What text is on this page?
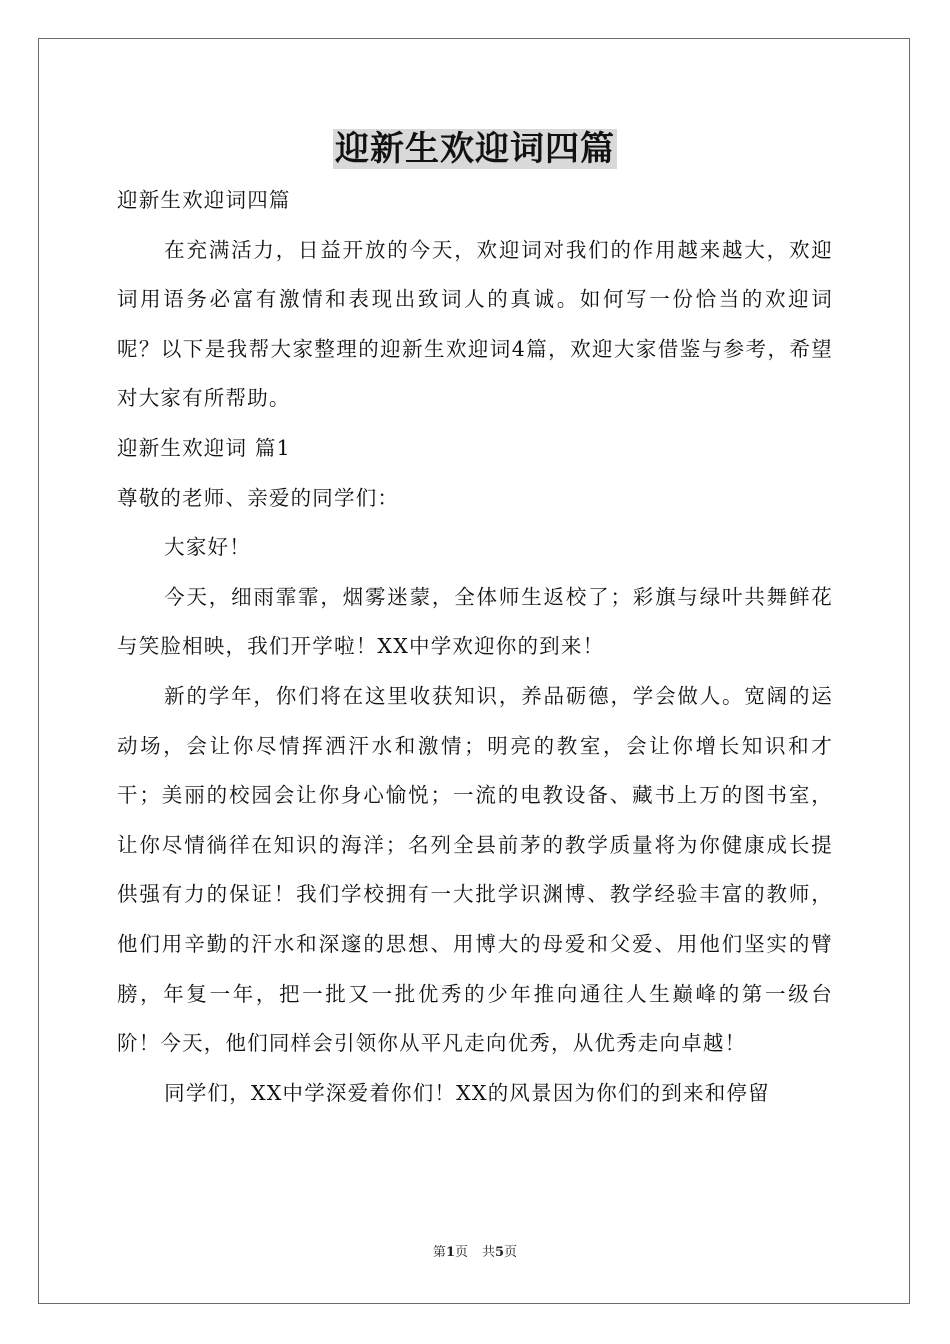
迎新生欢迎词四篇

迎新生欢迎词四篇

在充满活力，日益开放的今天，欢迎词对我们的作用越来越大，欢迎词用语务必富有激情和表现出致词人的真诚。如何写一份恰当的欢迎词呢？以下是我帮大家整理的迎新生欢迎词4篇，欢迎大家借鉴与参考，希望对大家有所帮助。

迎新生欢迎词 篇1

尊敬的老师、亲爱的同学们：

大家好！

今天，细雨霏霏，烟雾迷蒙，全体师生返校了；彩旗与绿叶共舞鲜花与笑脸相映，我们开学啦！XX中学欢迎你的到来！

新的学年，你们将在这里收获知识，养品砺德，学会做人。宽阔的运动场，会让你尽情挥洒汗水和激情；明亮的教室，会让你增长知识和才干；美丽的校园会让你身心愉悦；一流的电教设备、藏书上万的图书室，让你尽情徜徉在知识的海洋；名列全县前茅的教学质量将为你健康成长提供强有力的保证！我们学校拥有一大批学识渊博、教学经验丰富的教师，他们用辛勤的汗水和深邃的思想、用博大的母爱和父爱、用他们坚实的臂膀，年复一年，把一批又一批优秀的少年推向通往人生巅峰的第一级台阶！今天，他们同样会引领你从平凡走向优秀，从优秀走向卓越！

同学们，XX中学深爱着你们！XX的风景因为你们的到来和停留

第1页 共5页
